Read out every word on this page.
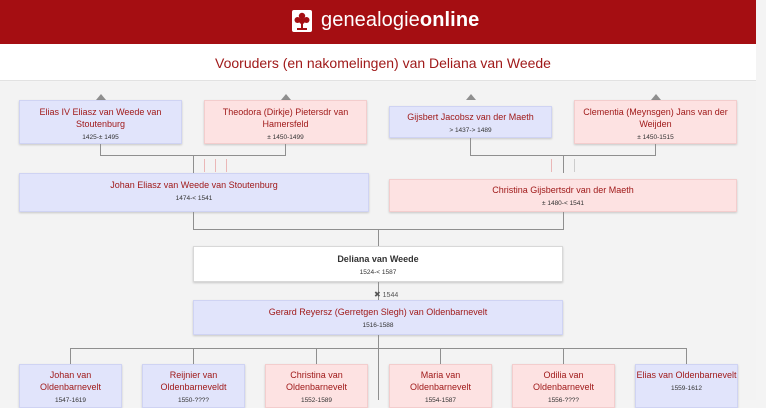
genealogieonline
Vooruders (en nakomelingen) van Deliana van Weede
Elias IV Eliasz van Weede van Stoutenburg
1425-± 1495
Theodora (Dirkje) Pietersdr van Hamersfeld
± 1450-1499
Gijsbert Jacobsz van der Maeth
> 1437-> 1489
Clementia (Meynsgen) Jans van der Weijden
± 1450-1515
Johan Eliasz van Weede van Stoutenburg
1474-< 1541
Christina Gijsbertsdr van der Maeth
± 1480-< 1541
Deliana van Weede
1524-< 1587
Gerard Reyersz (Gerretgen Slegh) van Oldenbarnevelt
1516-1588
Johan van Oldenbarnevelt
1547-1619
Reijnier van Oldenbarneveldt
1550-????
Christina van Oldenbarnevelt
1552-1589
Maria van Oldenbarnevelt
1554-1587
Odilia van Oldenbarnevelt
1556-????
Elias van Oldenbarnevelt
1559-1612
✖ 1544
